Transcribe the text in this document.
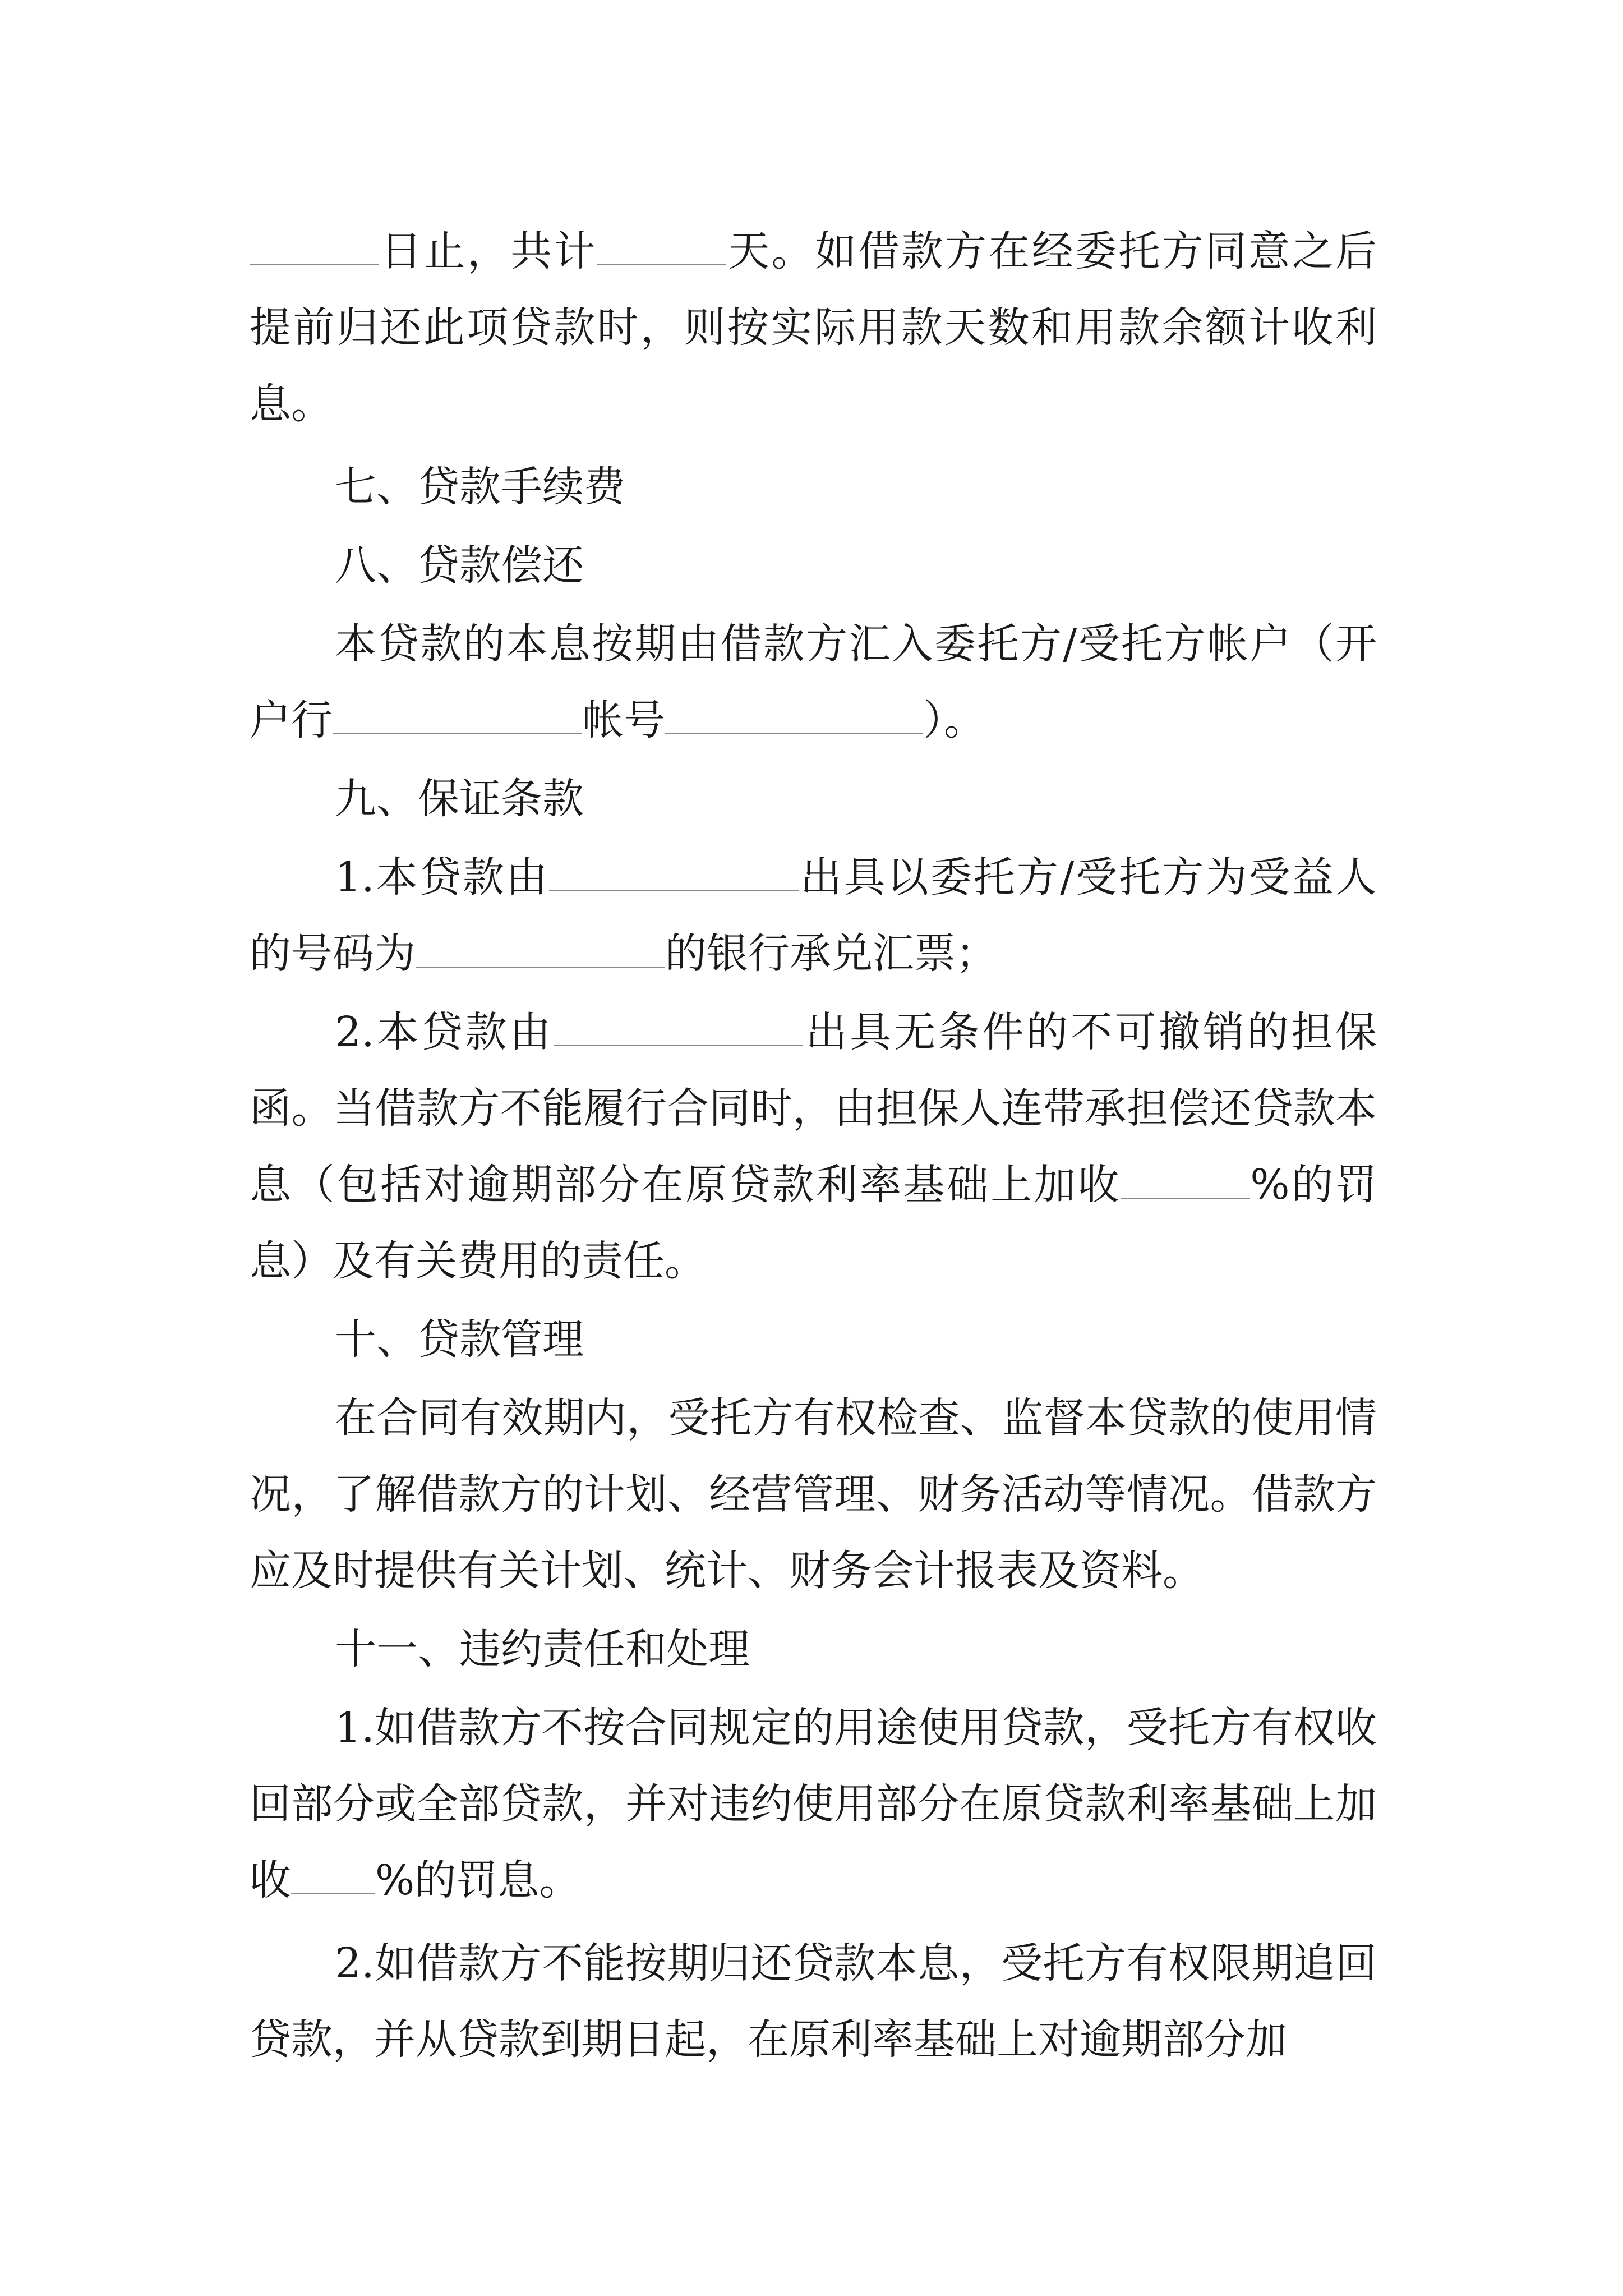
日止，共计	天。如借款方在经委托方同意之后提前归还此项贷款时，则按实际用款天数和用款余额计收利息。

七、贷款手续费

八、贷款偿还

本贷款的本息按期由借款方汇入委托方/受托方帐户（开户行	帐号	）。

九、保证条款

1.本贷款由	出具以委托方/受托方为受益人的号码为	的银行承兑汇票；

2.本贷款由	出具无条件的不可撤销的担保函。当借款方不能履行合同时，由担保人连带承担偿还贷款本息（包括对逾期部分在原贷款利率基础上加收	%的罚息）及有关费用的责任。

十、贷款管理

在合同有效期内，受托方有权检查、监督本贷款的使用情况，了解借款方的计划、经营管理、财务活动等情况。借款方应及时提供有关计划、统计、财务会计报表及资料。

十一、违约责任和处理

1.如借款方不按合同规定的用途使用贷款，受托方有权收回部分或全部贷款，并对违约使用部分在原贷款利率基础上加收 %的罚息。

2.如借款方不能按期归还贷款本息，受托方有权限期追回贷款，并从贷款到期日起，在原利率基础上对逾期部分加
